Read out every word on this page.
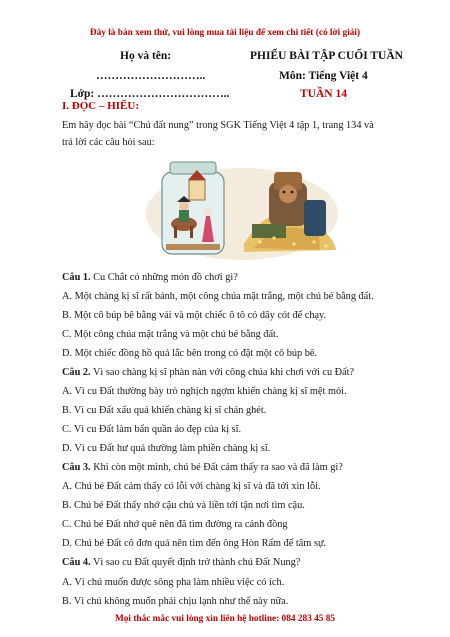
Đây là bản xem thử, vui lòng mua tài liệu để xem chi tiết (có lời giải)
Họ và tên:	PHIẾU BÀI TẬP CUỐI TUẦN
………………………..	Môn: Tiếng Việt 4
Lớp: ……………………………..	TUẦN 14
I. ĐỌC – HIỂU:
Em hãy đọc bài “Chú đất nung” trong SGK Tiếng Việt 4 tập 1, trang 134 và
trả lời các câu hỏi sau:
Câu 1. Cu Chắt có những món đồ chơi gì?
A. Một chàng kị sĩ rất bảnh, một công chúa mặt trắng, một chú bé bằng đất.
B. Một cô búp bê bằng vải và một chiếc ô tô có dây cót để chạy.
C. Một công chúa mặt trắng và một chú bé bằng đất.
D. Một chiếc đồng hồ quả lắc bên trong có đặt một cô búp bê.
Câu 2. Vì sao chàng kị sĩ phàn nàn với công chúa khi chơi với cu Đất?
A. Vì cu Đất thường bày trò nghịch ngợm khiến chàng kị sĩ mệt mỏi.
B. Vì cu Đất xấu quá khiến chàng kị sĩ chán ghét.
C. Vì cu Đất làm bẩn quần áo đẹp của kị sĩ.
D. Vì cu Đất hư quá thường làm phiền chàng kị sĩ.
Câu 3. Khi còn một mình, chú bé Đất cảm thấy ra sao và đã làm gì?
A. Chú bé Đất cảm thấy có lỗi với chàng kị sĩ và đã tới xin lỗi.
B. Chú bé Đất thấy nhớ cậu chủ và liền tới tận nơi tìm cậu.
C. Chú bé Đất nhớ quê nên đã tìm đường ra cánh đồng
D. Chú bé Đất cô đơn quá nên tìm đến ông Hòn Rấm để tâm sự.
Câu 4. Vì sao cu Đất quyết định trở thành chú Đất Nung?
A. Vì chú muốn được sông pha làm nhiều việc có ích.
B. Vì chú không muốn phải chịu lạnh như thế này nữa.
Mọi thắc mắc vui lòng xin liên hệ hotline: 084 283 45 85
